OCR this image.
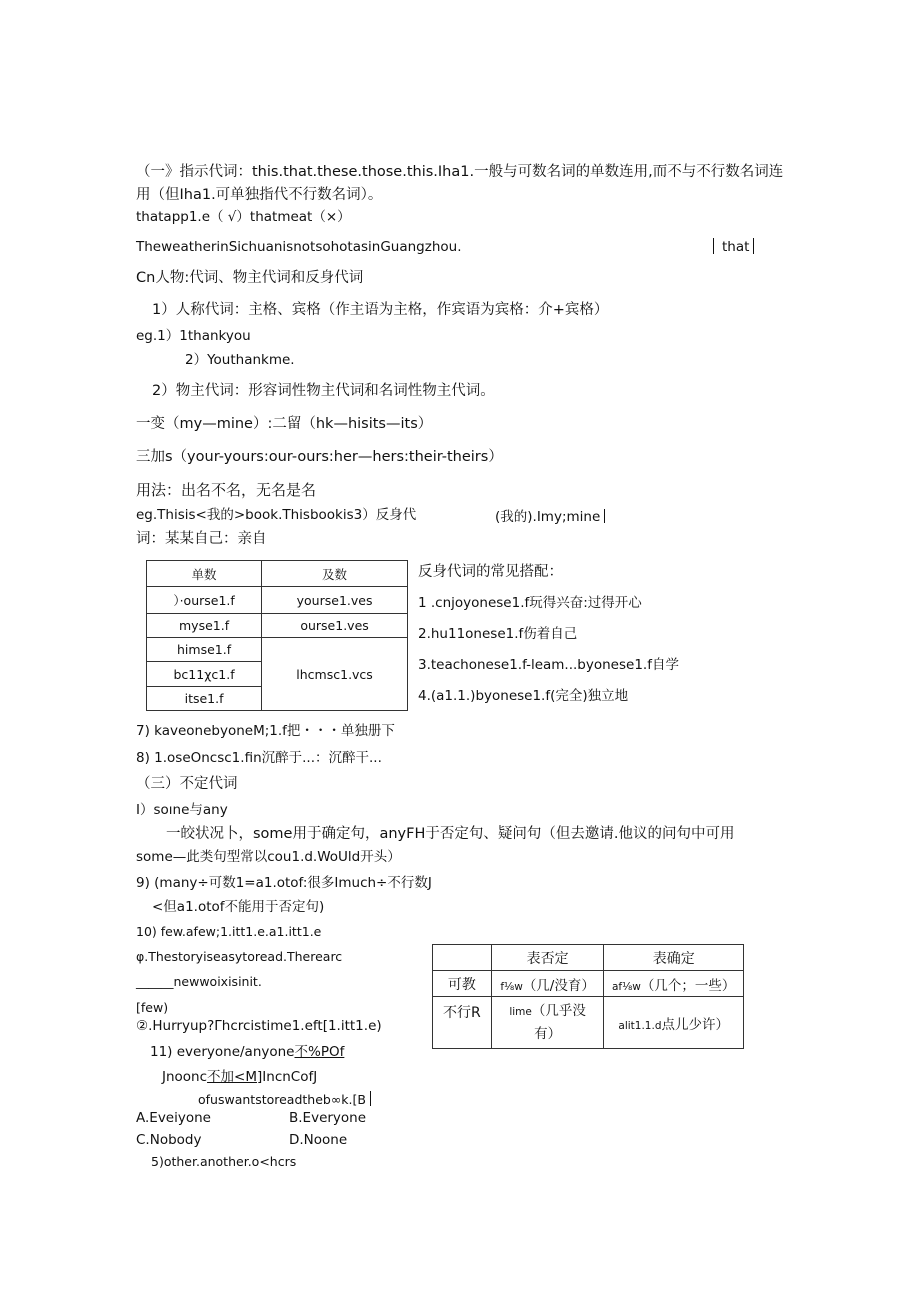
（一》指示代词：this.that.these.those.this.Iha1.一般与可数名词的单数连用,而不与不行数名词连
用（但Iha1.可单独指代不行数名词）。
thatapp1.e（ √）thatmeat（×）
TheweatherinSichuanisnotsohotasinGuangzhou.	that
Cn人物:代词、物主代词和反身代词
1）人称代词：主格、宾格（作主语为主格，作宾语为宾格：介+宾格）
eg.1）1thankyou
2）Youthankme.
2）物主代词：形容词性物主代词和名词性物主代词。
一变（my—mine）:二留（hk—hisits—its）
三加s（your-yours:our-ours:her—hers:their-theirs）
用法：出名不名，无名是名
eg.Thisis<我的>book.Thisbookis3）反身代	(我的).Imy;mine
词：某某自己：亲自
单数	及数
）·ourse1.f	yourse1.ves
myse1.f	ourse1.ves
himse1.f	lhcmsc1.vcs
bc11χc1.f	
itse1.f	
反身代词的常见搭配：
1 .cnjoyonese1.f玩得兴奋:过得开心
2.hu11onese1.f伤着自己
3.teachonese1.f-leam...byonese1.f自学
4.(a1.1.)byonese1.f(完全)独立地
7) kaveonebyoneM;1.f把・・・单独册下
8) 1.oseOncsc1.fin沉醉于...：沉醉干...
（三）不定代词
I）soıne与any
一皎状况卜，some用于确定句，anyFH于否定句、疑问句（但去邀请.他议的问句中可用
some—此类句型常以cou1.d.WoUld开头）
9) (many÷可数1=a1.otof:很多Imuch÷不行数J
<但a1.otof不能用于否定句)
10) few.afew;1.itt1.e.a1.itt1.e
φ.Thestoryiseasytoread.Therearc
______newwoixisinit.
[few)
②.Hurryup?Γhcrcistime1.eft[1.itt1.e)
11) everyone/anyone不%POf
Jnoonc不加<M]IncnCofJ
ofuswantstoreadtheb∞k.[B
A.Eveiyone	B.Everyone
C.Nobody	D.Noone
5)other.another.o<hcrs
	表否定	表确定
可教	f⅛w（几/没育）	af⅛w（几个；一些）
不行R	lime（几乎没
有）	alit1.1.d点儿少许）
